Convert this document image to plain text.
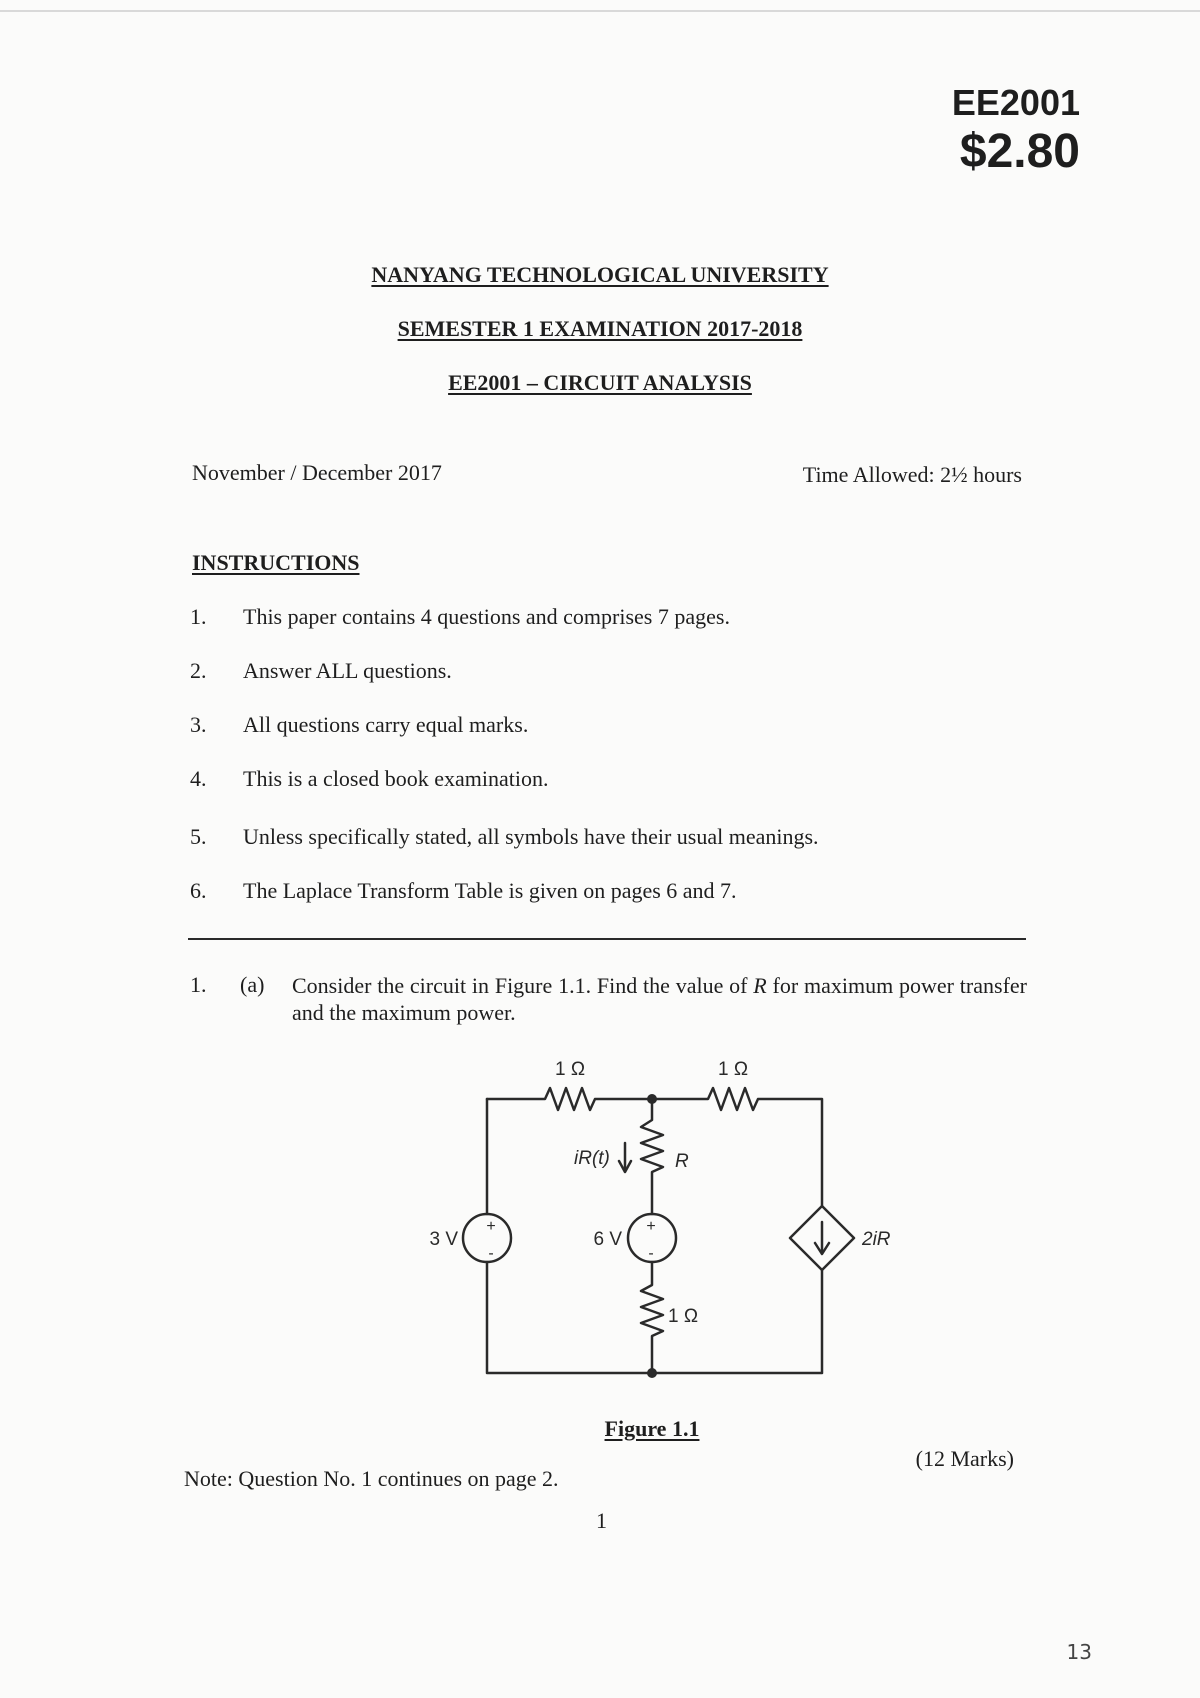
EE2001
$2.80
NANYANG TECHNOLOGICAL UNIVERSITY
SEMESTER 1 EXAMINATION 2017-2018
EE2001 – CIRCUIT ANALYSIS
November / December 2017	Time Allowed: 2½ hours
INSTRUCTIONS
1. This paper contains 4 questions and comprises 7 pages.
2. Answer ALL questions.
3. All questions carry equal marks.
4. This is a closed book examination.
5. Unless specifically stated, all symbols have their usual meanings.
6. The Laplace Transform Table is given on pages 6 and 7.
1. (a) Consider the circuit in Figure 1.1. Find the value of R for maximum power transfer and the maximum power.
1 Ω	1 Ω
R
1 Ω
iR(t)
3 V	6 V	2iR
+
-
+
-
Figure 1.1
(12 Marks)
Note: Question No. 1 continues on page 2.
1
13
